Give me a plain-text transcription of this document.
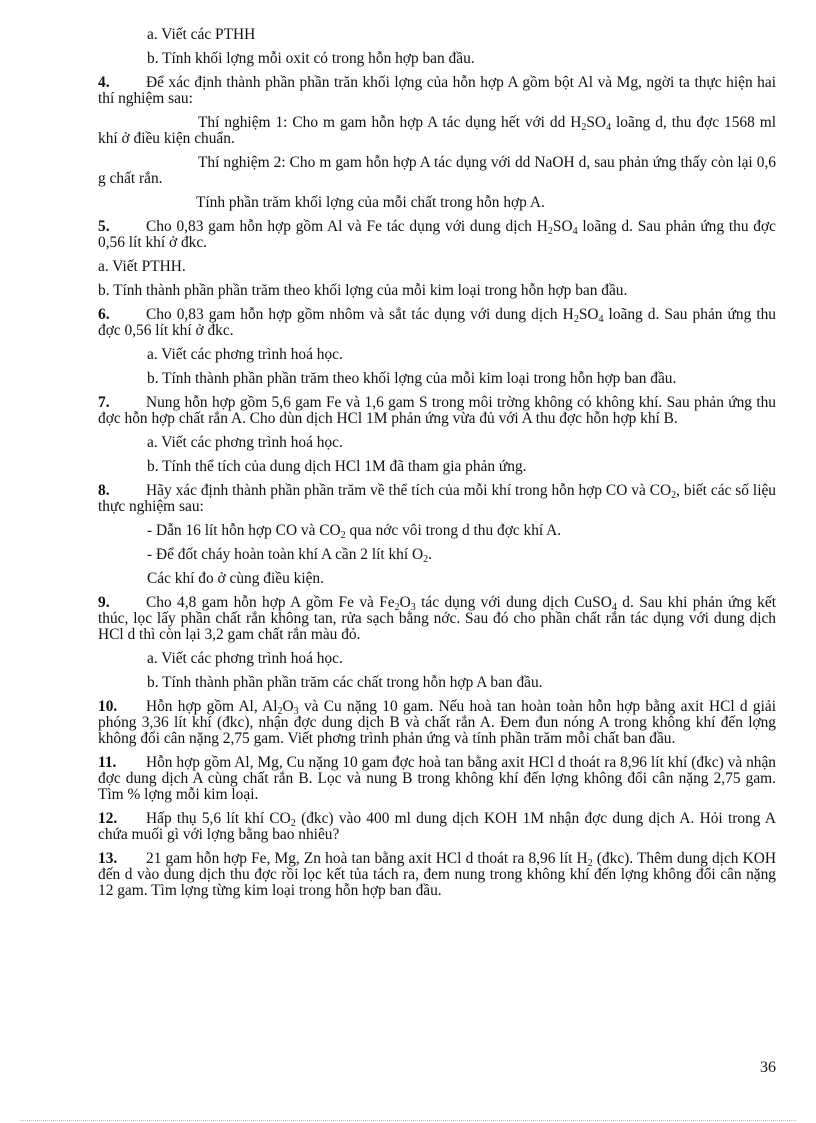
a. Viết các PTHH

b. Tính khối lợng mỗi oxit có trong hỗn hợp ban đầu.

4. Để xác định thành phần phần trăn khối lợng của hỗn hợp A gồm bột Al và Mg, ngời ta thực hiện hai thí nghiệm sau:

Thí nghiệm 1: Cho m gam hỗn hợp A tác dụng hết với dd $H_2SO_4$ loãng d, thu đợc 1568 ml khí ở điều kiện chuẩn.

Thí nghiệm 2: Cho m gam hỗn hợp A tác dụng với dd NaOH d, sau phản ứng thấy còn lại 0,6 g chất rắn.

Tính phần trăm khối lợng của mỗi chất trong hỗn hợp A.

5. Cho 0,83 gam hỗn hợp gồm Al và Fe tác dụng với dung dịch $H_2SO_4$ loãng d. Sau phản ứng thu đợc 0,56 lít khí ở đkc.

a. Viết PTHH.

b. Tính thành phần phần trăm theo khối lợng của mỗi kim loại trong hỗn hợp ban đầu.

6. Cho 0,83 gam hỗn hợp gồm nhôm và sắt tác dụng với dung dịch $H_2SO_4$ loãng d. Sau phản ứng thu đợc 0,56 lít khí ở đkc.

a. Viết các phơng trình hoá học.

b. Tính thành phần phần trăm theo khối lợng của mỗi kim loại trong hỗn hợp ban đầu.

7. Nung hỗn hợp gồm 5,6 gam Fe và 1,6 gam S trong môi trờng không có không khí. Sau phản ứng thu đợc hỗn hợp chất rắn A. Cho dùn dịch HCl 1M phản ứng vừa đủ với A thu đợc hỗn hợp khí B.

a. Viết các phơng trình hoá học.

b. Tính thể tích của dung dịch HCl 1M đã tham gia phản ứng.

8. Hãy xác định thành phần phần trăm về thể tích của mỗi khí trong hỗn hợp CO và $CO_2$, biết các số liệu thực nghiệm sau:

- Dẫn 16 lít hỗn hợp CO và $CO_2$ qua nớc vôi trong d thu đợc khí A.

- Để đốt cháy hoàn toàn khí A cần 2 lít khí $O_2$.

Các khí đo ở cùng điều kiện.

9. Cho 4,8 gam hỗn hợp A gồm Fe và $Fe_2O_3$ tác dụng với dung dịch CuSO$_4$ d. Sau khi phản ứng kết thúc, lọc lấy phần chất rắn không tan, rửa sạch bằng nớc. Sau đó cho phần chất rắn tác dụng với dung dịch HCl d thì còn lại 3,2 gam chất rắn màu đỏ.

a. Viết các phơng trình hoá học.

b. Tính thành phần phần trăm các chất trong hỗn hợp A ban đầu.

10. Hỗn hợp gồm Al, $Al_2O_3$ và Cu nặng 10 gam. Nếu hoà tan hoàn toàn hỗn hợp bằng axit HCl d giải phóng 3,36 lít khí (đkc), nhận đợc dung dịch B và chất rắn A. Đem đun nóng A trong không khí đến lợng không đổi cân nặng 2,75 gam. Viết phơng trình phản ứng và tính phần trăm mỗi chất ban đầu.

11. Hỗn hợp gồm Al, Mg, Cu nặng 10 gam đợc hoà tan bằng axit HCl d thoát ra 8,96 lít khí (đkc) và nhận đợc dung dịch A cùng chất rắn B. Lọc và nung B trong không khí đến lợng không đổi cân nặng 2,75 gam. Tìm % lợng mỗi kim loại.

12. Hấp thụ 5,6 lít khí $CO_2$ (đkc) vào 400 ml dung dịch KOH 1M nhận đợc dung dịch A. Hỏi trong A chứa muối gì với lợng bằng bao nhiêu?

13. 21 gam hỗn hợp Fe, Mg, Zn hoà tan bằng axit HCl d thoát ra 8,96 lít $H_2$ (đkc). Thêm dung dịch KOH đến d vào dung dịch thu đợc rồi lọc kết tủa tách ra, đem nung trong không khí đến lợng không đổi cân nặng 12 gam. Tìm lợng từng kim loại trong hỗn hợp ban đầu.

36
